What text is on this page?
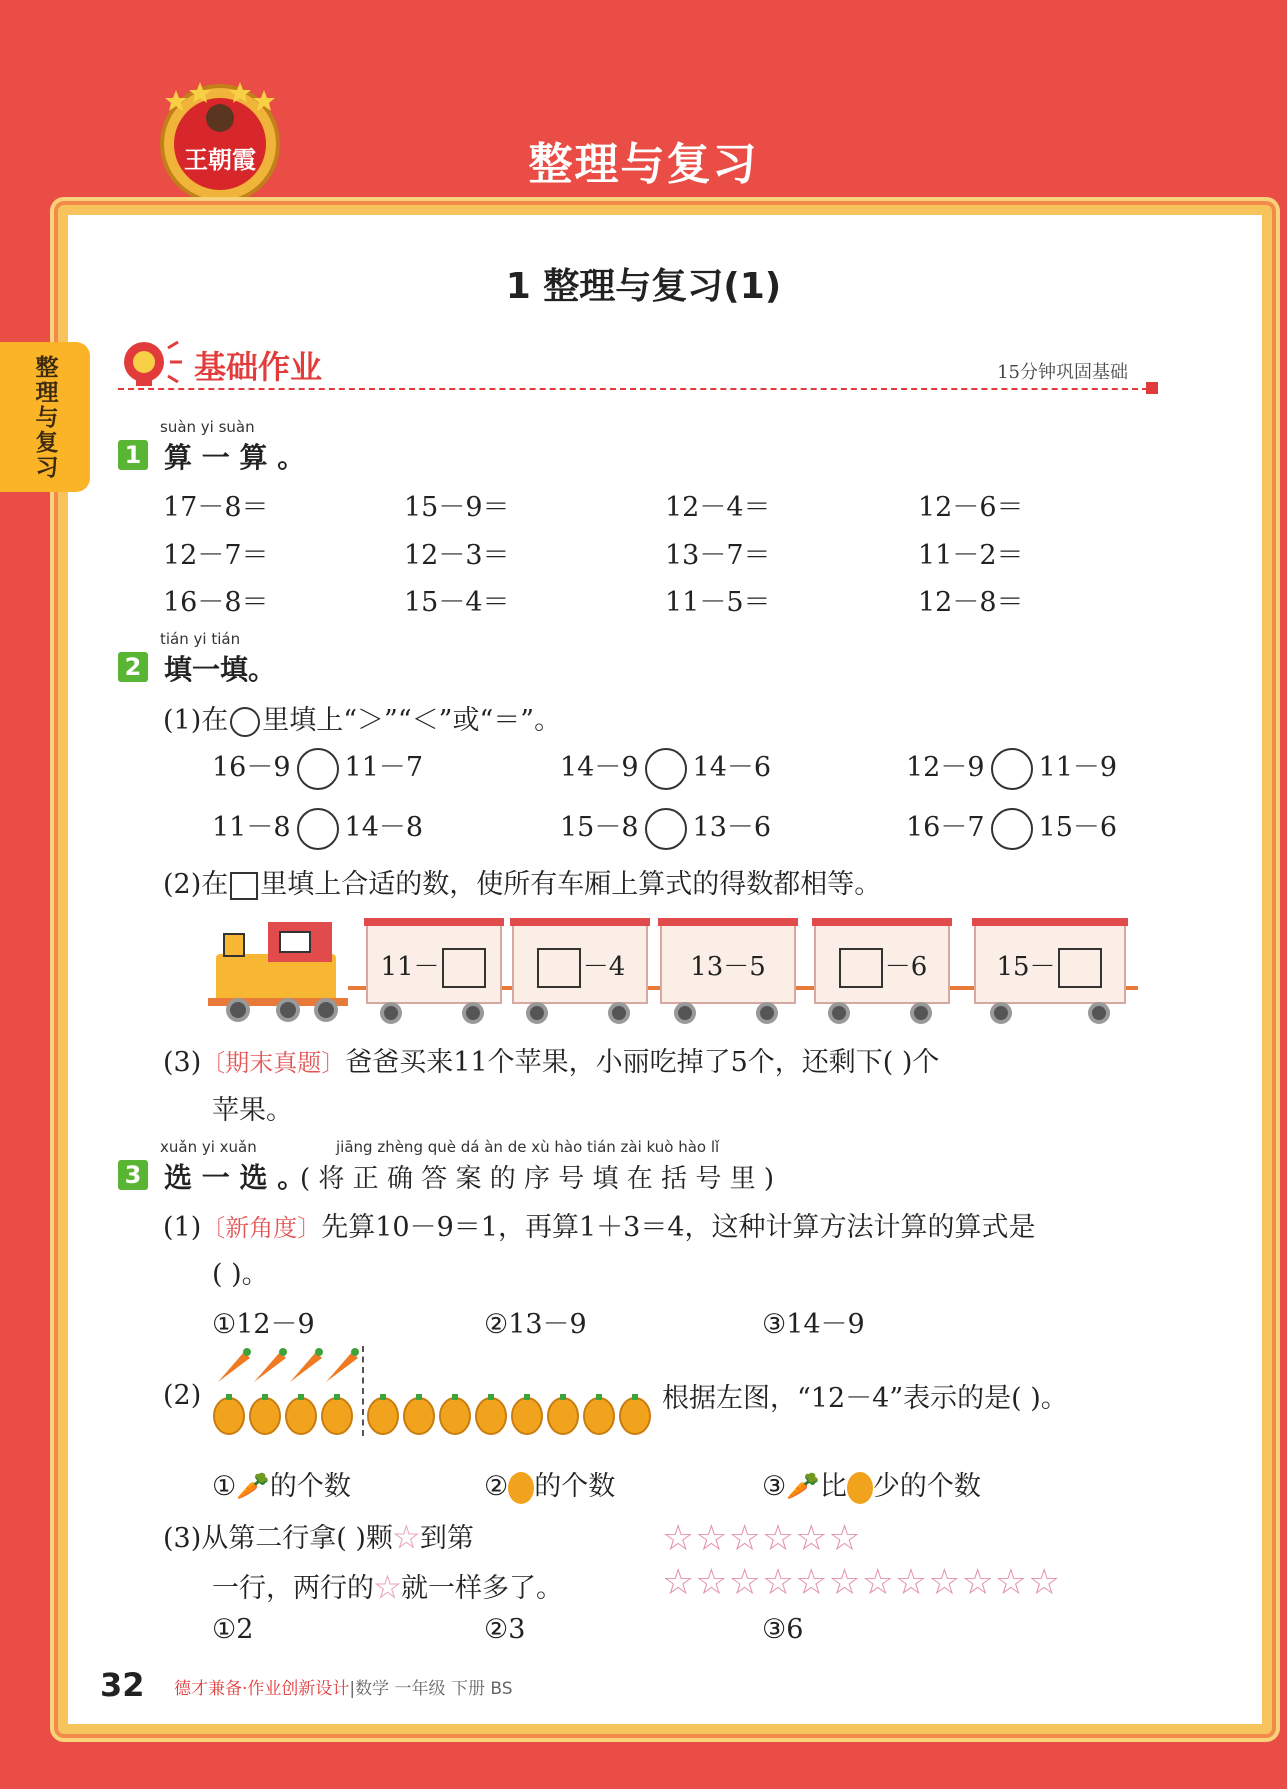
王朝霞	整理与复习
整理与复习
1 整理与复习(1)
基础作业	15分钟巩固基础
suàn yi suàn
1 算 一 算 。
17－8＝	15－9＝	12－4＝	12－6＝
12－7＝	12－3＝	13－7＝	11－2＝
16－8＝	15－4＝	11－5＝	12－8＝
tián yi tián
2 填一填。
(1)在 里填上“＞”“＜”或“＝”。
16－9 11－7	14－9 14－6	12－9 11－9
11－8 14－8	15－8 13－6	16－7 15－6
(2)在 里填上合适的数，使所有车厢上算式的得数都相等。
11－	－4	13－5	－6	15－
(3)〔期末真题〕爸爸买来11个苹果，小丽吃掉了5个，还剩下( )个
苹果。
xuǎn yi xuǎn	jiāng zhèng què dá àn de xù hào tián zài kuò hào lǐ
3 选 一 选 。
( 将 正 确 答 案 的 序 号 填 在 括 号 里 )
(1)〔新角度〕先算10－9＝1，再算1＋3＝4，这种计算方法计算的算式是
( )。
①12－9	②13－9	③14－9
(2)	根据左图，“12－4”表示的是( )。
①🥕的个数	② 的个数	③🥕比 少的个数
(3)从第二行拿( )颗☆到第
一行，两行的☆就一样多了。
☆☆☆☆☆☆
☆☆☆☆☆☆☆☆☆☆☆☆
①2	②3	③6
32 德才兼备·作业创新设计|数学 一年级 下册 BS
